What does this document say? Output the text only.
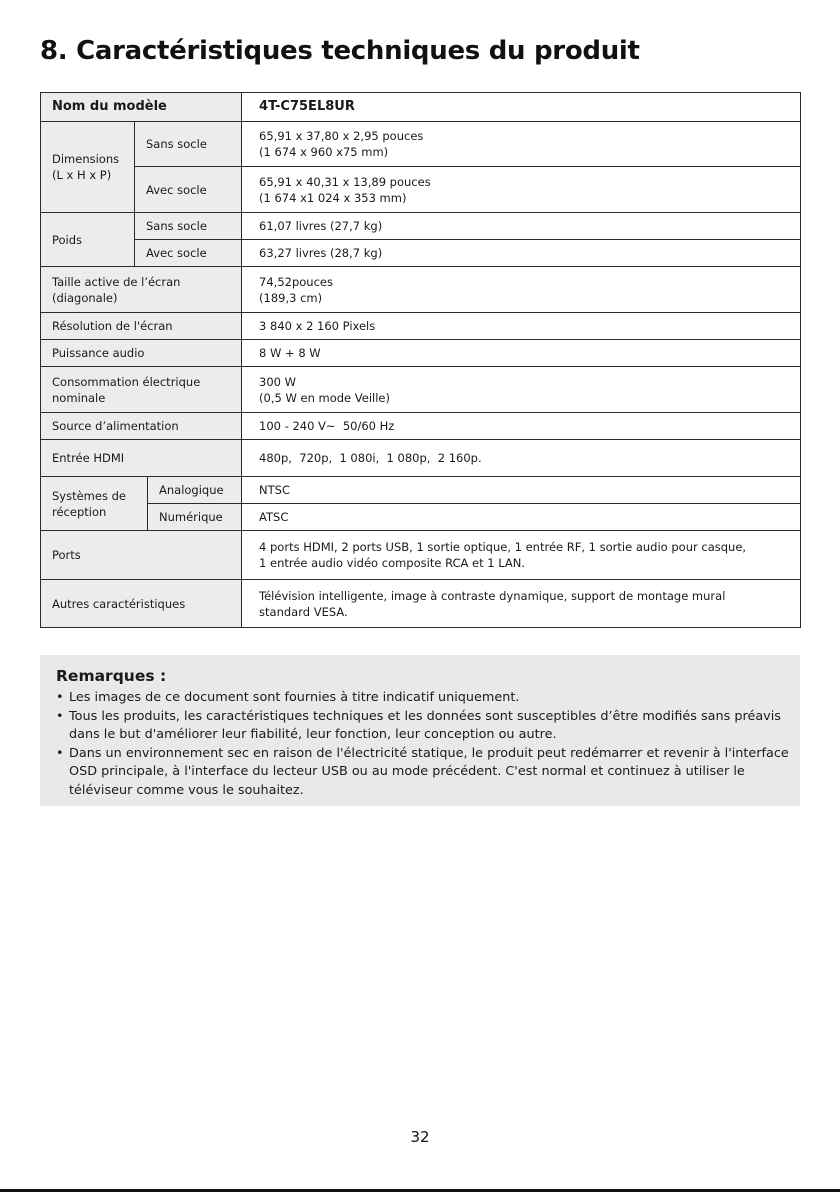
8. Caractéristiques techniques du produit
Nom du modèle			4T-C75EL8UR
Dimensions
(L x H x P)	Sans socle		65,91 x 37,80 x 2,95 pouces
(1 674 x 960 x75 mm)
	Avec socle		65,91 x 40,31 x 13,89 pouces
(1 674 x1 024 x 353 mm)
Poids	Sans socle		61,07 livres (27,7 kg)
	Avec socle		63,27 livres (28,7 kg)
Taille active de l’écran
(diagonale)			74,52pouces
(189,3 cm)
Résolution de l'écran			3 840 x 2 160 Pixels
Puissance audio			8 W + 8 W
Consommation électrique
nominale			300 W
(0,5 W en mode Veille)
Source d’alimentation			100 - 240 V~  50/60 Hz
Entrée HDMI			480p,  720p,  1 080i,  1 080p,  2 160p.
Systèmes de
réception		Analogique	NTSC
		Numérique	ATSC
Ports			4 ports HDMI, 2 ports USB, 1 sortie optique, 1 entrée RF, 1 sortie audio pour casque,
1 entrée audio vidéo composite RCA et 1 LAN.
Autres caractéristiques			Télévision intelligente, image à contraste dynamique, support de montage mural
standard VESA.
Remarques :
• Les images de ce document sont fournies à titre indicatif uniquement.
• Tous les produits, les caractéristiques techniques et les données sont susceptibles d’être modifiés sans préavis dans le but d'améliorer leur fiabilité, leur fonction, leur conception ou autre.
• Dans un environnement sec en raison de l'électricité statique, le produit peut redémarrer et revenir à l'interface OSD principale, à l'interface du lecteur USB ou au mode précédent. C'est normal et continuez à utiliser le téléviseur comme vous le souhaitez.
32
